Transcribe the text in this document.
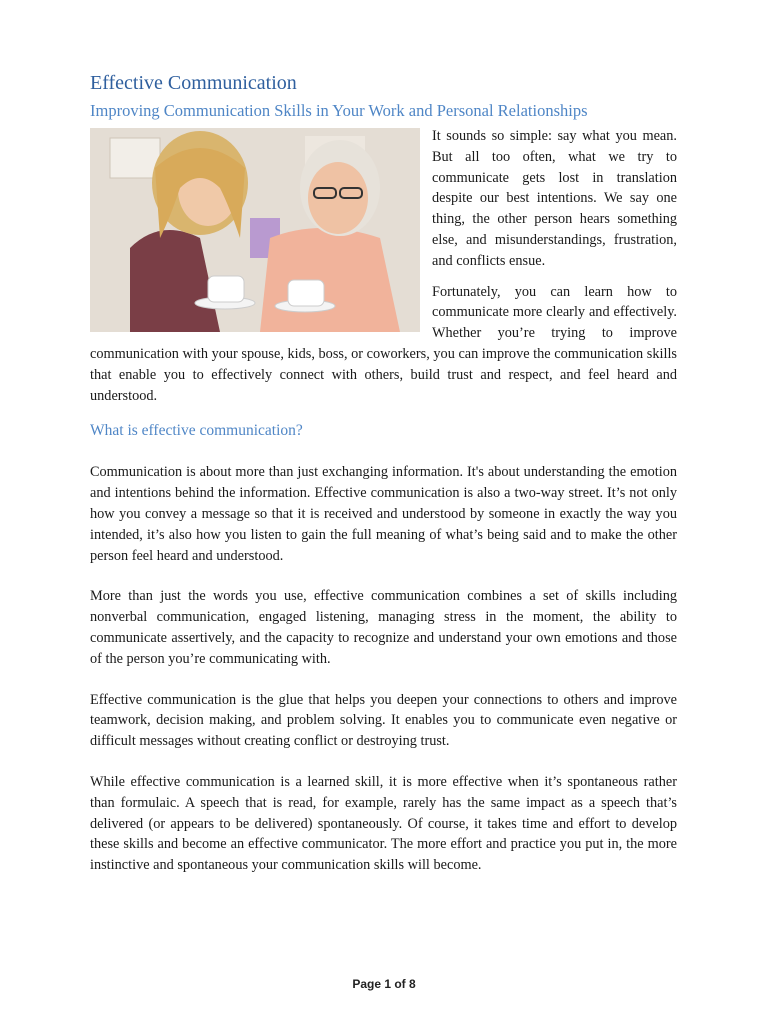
Effective Communication
Improving Communication Skills in Your Work and Personal Relationships

It sounds so simple: say what you mean. But all too often, what we try to communicate gets lost in translation despite our best intentions. We say one thing, the other person hears something else, and misunderstandings, frustration, and conflicts ensue.

Fortunately, you can learn how to communicate more clearly and effectively. Whether you’re trying to improve communication with your spouse, kids, boss, or coworkers, you can improve the communication skills that enable you to effectively connect with others, build trust and respect, and feel heard and understood.

What is effective communication?

Communication is about more than just exchanging information. It's about understanding the emotion and intentions behind the information. Effective communication is also a two-way street. It’s not only how you convey a message so that it is received and understood by someone in exactly the way you intended, it’s also how you listen to gain the full meaning of what’s being said and to make the other person feel heard and understood.

More than just the words you use, effective communication combines a set of skills including nonverbal communication, engaged listening, managing stress in the moment, the ability to communicate assertively, and the capacity to recognize and understand your own emotions and those of the person you’re communicating with.

Effective communication is the glue that helps you deepen your connections to others and improve teamwork, decision making, and problem solving. It enables you to communicate even negative or difficult messages without creating conflict or destroying trust.

While effective communication is a learned skill, it is more effective when it’s spontaneous rather than formulaic. A speech that is read, for example, rarely has the same impact as a speech that’s delivered (or appears to be delivered) spontaneously. Of course, it takes time and effort to develop these skills and become an effective communicator. The more effort and practice you put in, the more instinctive and spontaneous your communication skills will become.

Page 1 of 8
